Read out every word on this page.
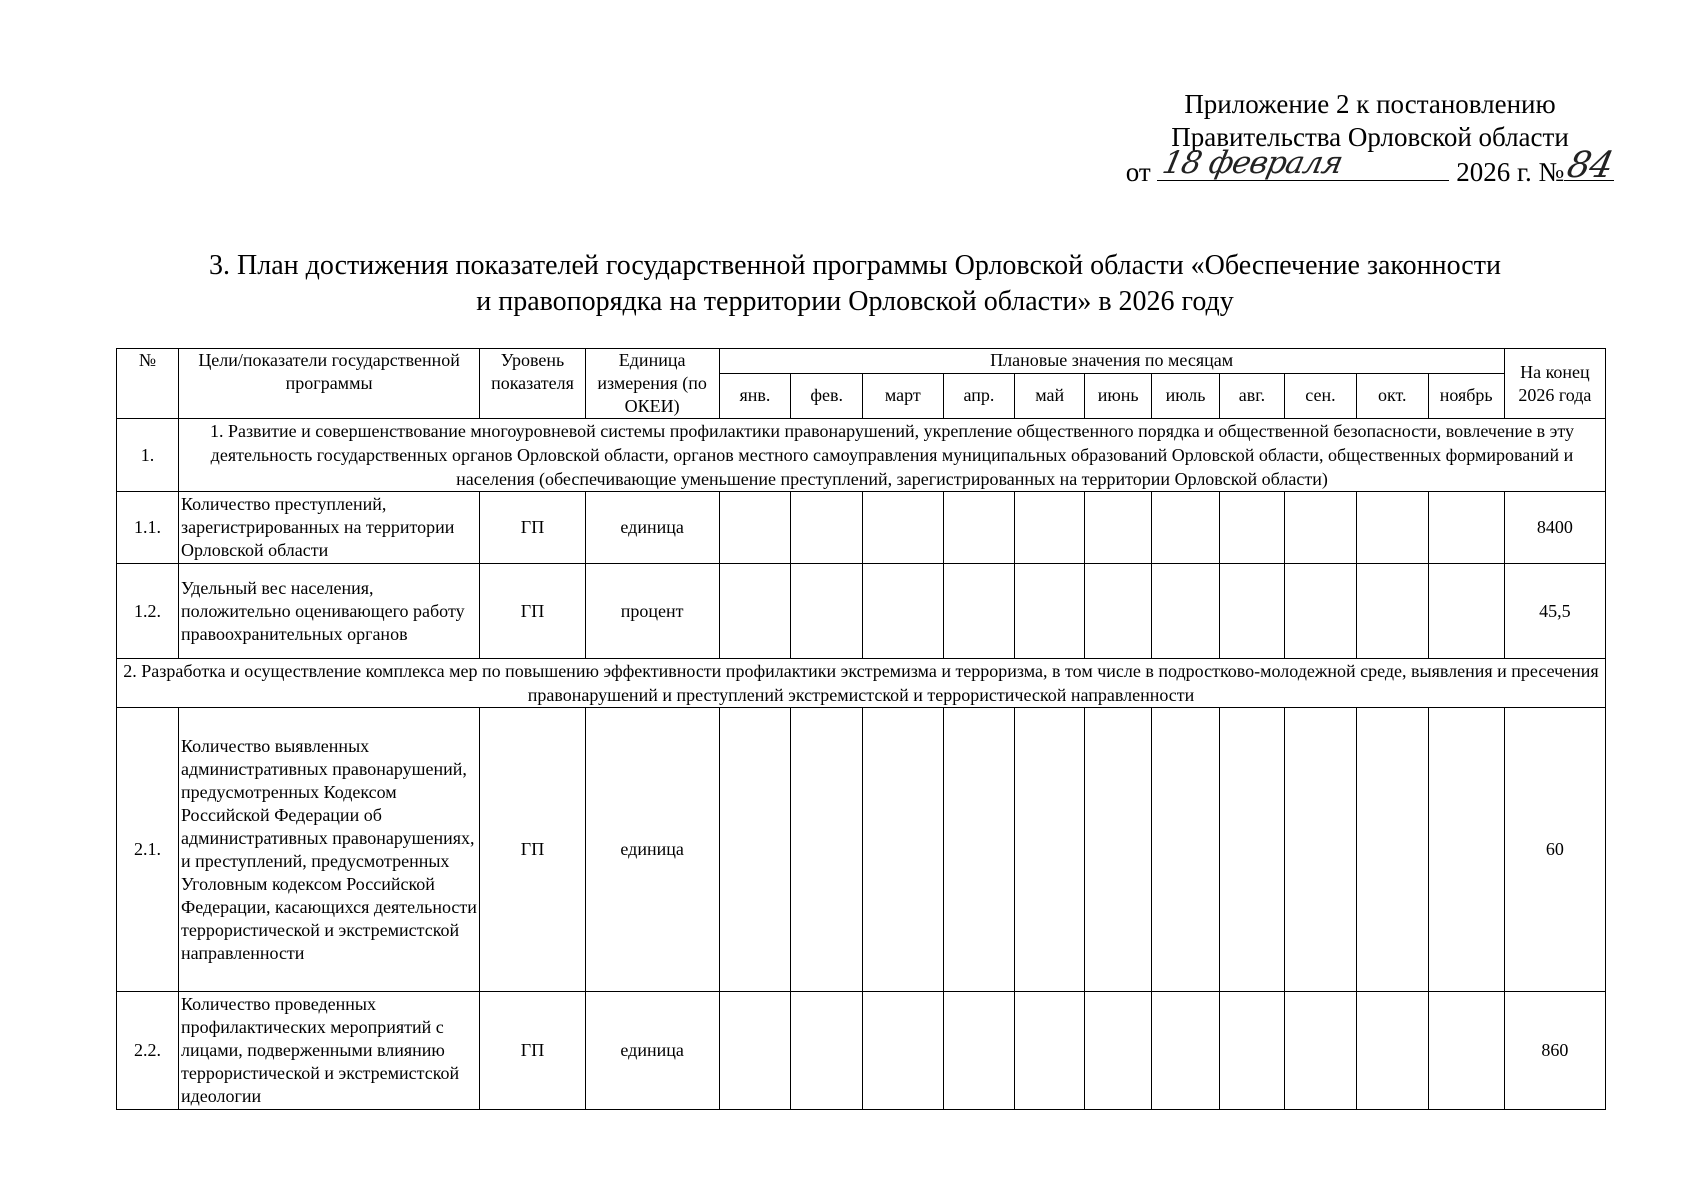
Приложение 2 к постановлению
Правительства Орловской области
от 18 февраля	2026 г. № 84
3. План достижения показателей государственной программы Орловской области «Обеспечение законности
и правопорядка на территории Орловской области» в 2026 году
№	Цели/показатели государственной программы	Уровень показателя	Единица измерения (по ОКЕИ)	Плановые значения по месяцам											На конец 2026 года
				янв.	фев.	март	апр.	май	июнь	июль	авг.	сен.	окт.	ноябрь	
1.	1. Развитие и совершенствование многоуровневой системы профилактики правонарушений, укрепление общественного порядка и общественной безопасности, вовлечение в эту деятельность государственных органов Орловской области, органов местного самоуправления муниципальных образований Орловской области, общественных формирований и населения (обеспечивающие уменьшение преступлений, зарегистрированных на территории Орловской области)														
1.1.	Количество преступлений, зарегистрированных на территории Орловской области	ГП	единица												8400
1.2.	Удельный вес населения, положительно оценивающего работу правоохранительных органов	ГП	процент												45,5
2. Разработка и осуществление комплекса мер по повышению эффективности профилактики экстремизма и терроризма, в том числе в подростково-молодежной среде, выявления и пресечения правонарушений и преступлений экстремистской и террористической направленности															
2.1.	Количество выявленных административных правонарушений, предусмотренных Кодексом Российской Федерации об административных правонарушениях, и преступлений, предусмотренных Уголовным кодексом Российской Федерации, касающихся деятельности террористической и экстремистской направленности	ГП	единица												60
2.2.	Количество проведенных профилактических мероприятий с лицами, подверженными влиянию террористической и экстремистской идеологии	ГП	единица												860
